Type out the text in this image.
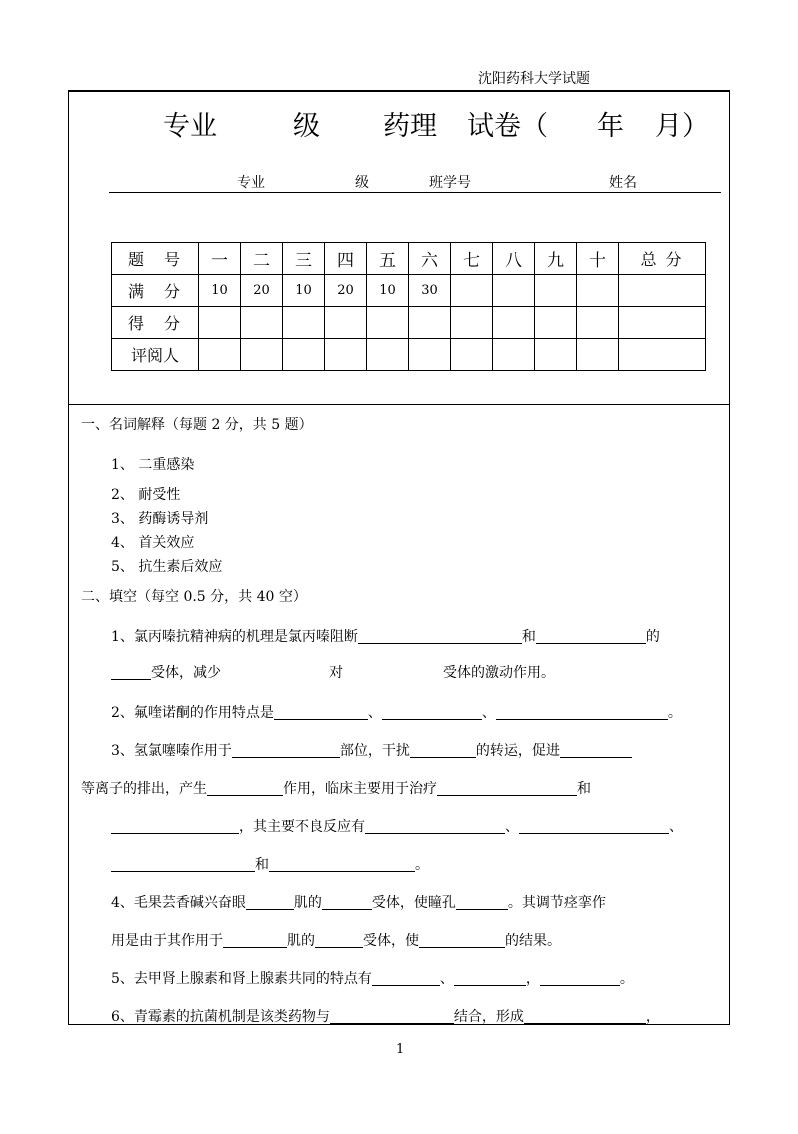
沈阳药科大学试题
专业	级 药理 试卷（ 年 月）
专业	级	班学号	姓名
题　号	一	二	三	四	五	六	七	八	九	十	总 分
满　分	10	20	10	20	10	30					
得　分											
评阅人											
一、名词解释（每题 2 分，共 5 题）
1、 二重感染
2、 耐受性
3、 药酶诱导剂
4、 首关效应
5、 抗生素后效应
二、填空（每空 0.5 分，共 40 空）
1、氯丙嗪抗精神病的机理是氯丙嗪阻断	和	的
受体，减少	对	受体的激动作用。
2、氟喹诺酮的作用特点是	、	、	。
3、氢氯噻嗪作用于	部位，干扰	的转运，促进
等离子的排出，产生	作用，临床主要用于治疗	和
，其主要不良反应有	、	、
和	。
4、毛果芸香碱兴奋眼	肌的	受体，使瞳孔	。其调节痉挛作
用是由于其作用于	肌的	受体，使	的结果。
5、去甲肾上腺素和肾上腺素共同的特点有	、	，	。
6、青霉素的抗菌机制是该类药物与	结合，形成	，
1
